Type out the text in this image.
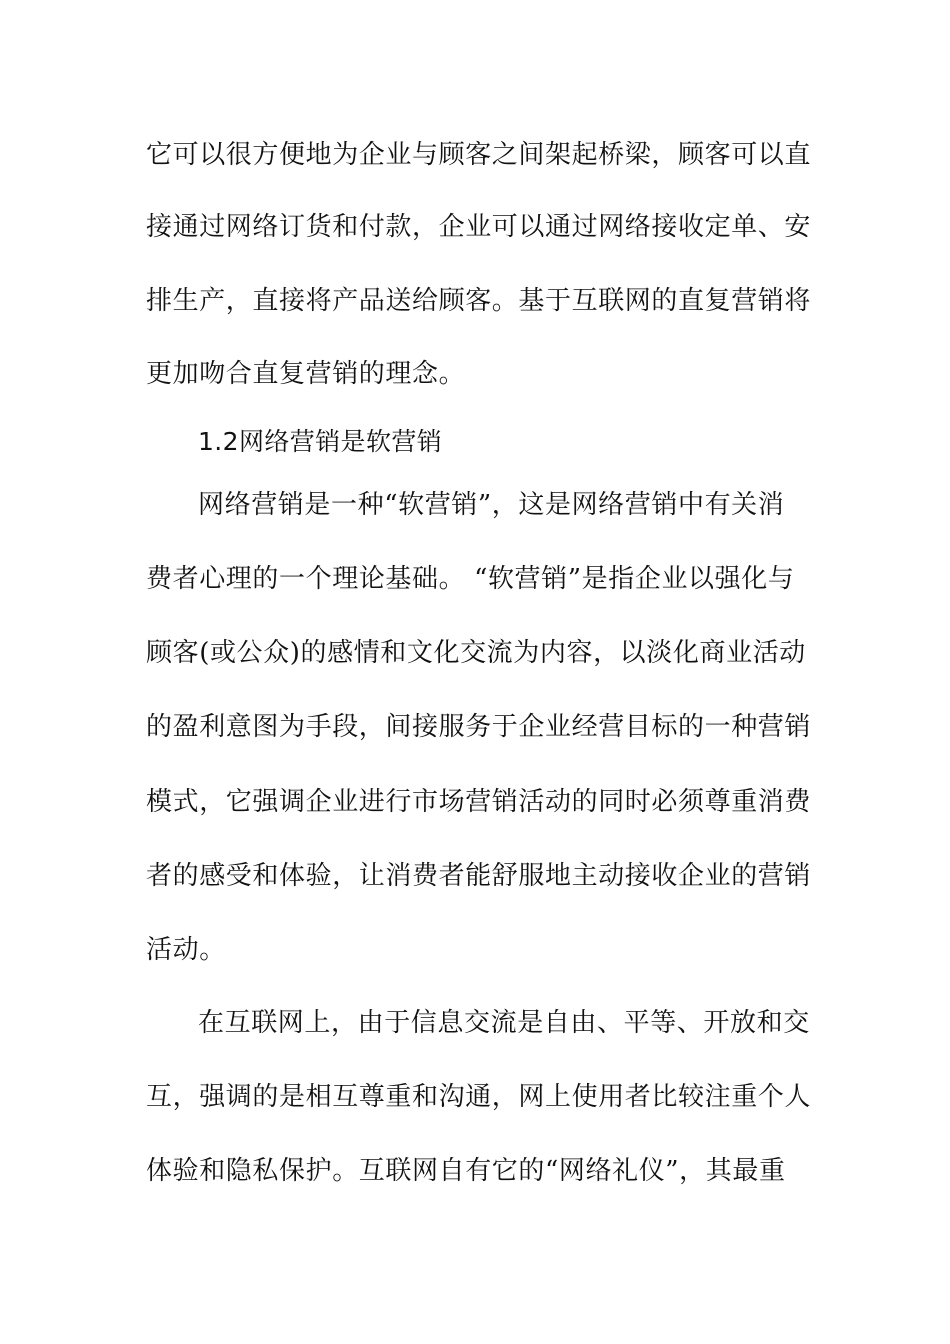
它可以很方便地为企业与顾客之间架起桥梁，顾客可以直
接通过网络订货和付款，企业可以通过网络接收定单、安
排生产，直接将产品送给顾客。基于互联网的直复营销将
更加吻合直复营销的理念。
1.2网络营销是软营销
网络营销是一种“软营销”，这是网络营销中有关消
费者心理的一个理论基础。 “软营销”是指企业以强化与
顾客(或公众)的感情和文化交流为内容，以淡化商业活动
的盈利意图为手段，间接服务于企业经营目标的一种营销
模式，它强调企业进行市场营销活动的同时必须尊重消费
者的感受和体验，让消费者能舒服地主动接收企业的营销
活动。
在互联网上，由于信息交流是自由、平等、开放和交
互，强调的是相互尊重和沟通，网上使用者比较注重个人
体验和隐私保护。互联网自有它的“网络礼仪”，其最重
